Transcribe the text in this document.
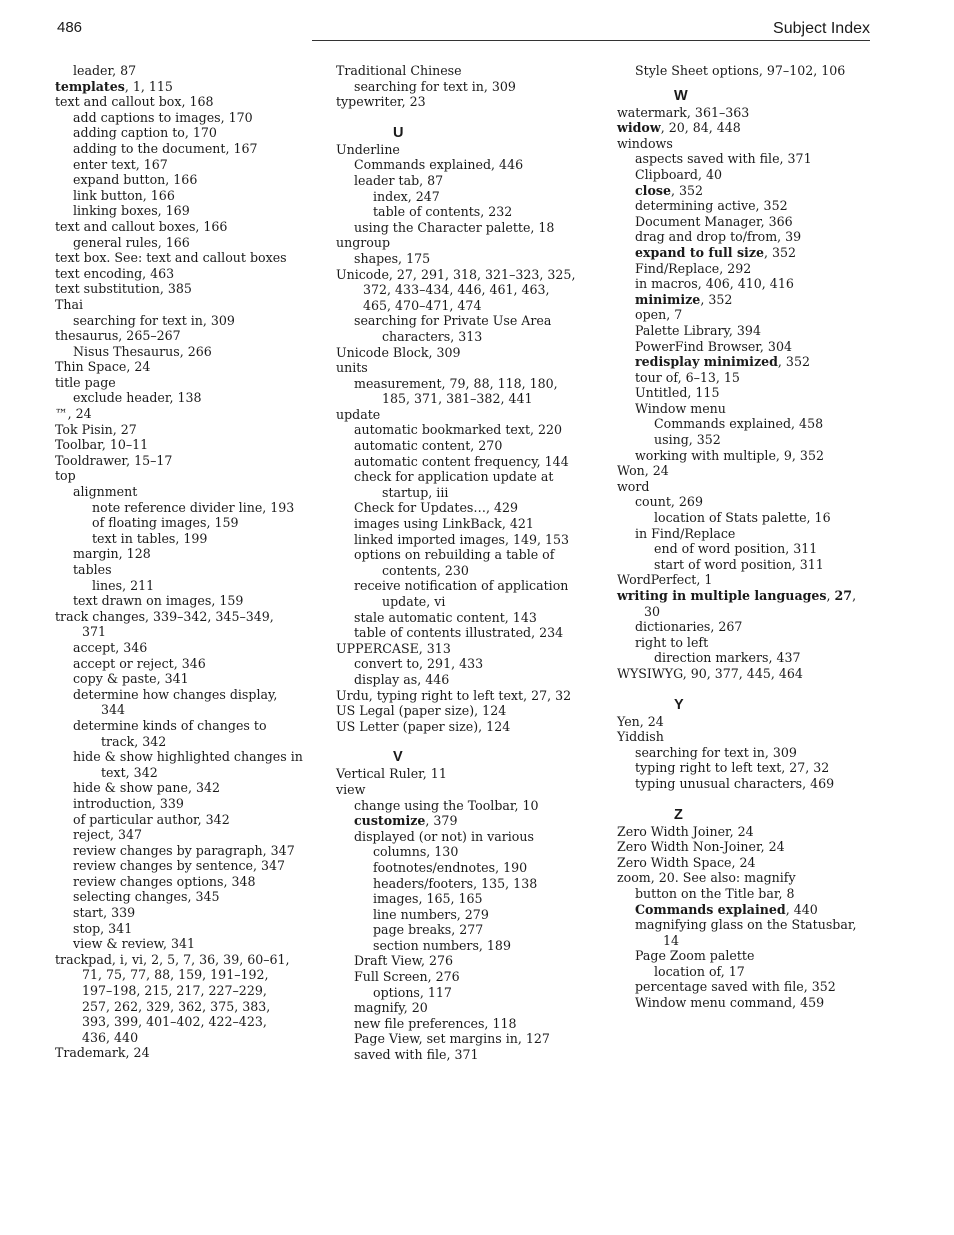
486	Subject Index
leader, 87
templates, 1, 115
text and callout box, 168
add captions to images, 170
adding caption to, 170
adding to the document, 167
enter text, 167
expand button, 166
link button, 166
linking boxes, 169
text and callout boxes, 166
general rules, 166
text box. See: text and callout boxes
text encoding, 463
text substitution, 385
Thai
searching for text in, 309
thesaurus, 265–267
Nisus Thesaurus, 266
Thin Space, 24
title page
exclude header, 138
™, 24
Tok Pisin, 27
Toolbar, 10–11
Tooldrawer, 15–17
top
alignment
note reference divider line, 193
of floating images, 159
text in tables, 199
margin, 128
tables
lines, 211
text drawn on images, 159
track changes, 339–342, 345–349,
371
accept, 346
accept or reject, 346
copy & paste, 341
determine how changes display,
344
determine kinds of changes to
track, 342
hide & show highlighted changes in
text, 342
hide & show pane, 342
introduction, 339
of particular author, 342
reject, 347
review changes by paragraph, 347
review changes by sentence, 347
review changes options, 348
selecting changes, 345
start, 339
stop, 341
view & review, 341
trackpad, i, vi, 2, 5, 7, 36, 39, 60–61,
71, 75, 77, 88, 159, 191–192,
197–198, 215, 217, 227–229,
257, 262, 329, 362, 375, 383,
393, 399, 401–402, 422–423,
436, 440
Trademark, 24
Traditional Chinese
searching for text in, 309
typewriter, 23
U
Underline
Commands explained, 446
leader tab, 87
index, 247
table of contents, 232
using the Character palette, 18
ungroup
shapes, 175
Unicode, 27, 291, 318, 321–323, 325,
372, 433–434, 446, 461, 463,
465, 470–471, 474
searching for Private Use Area
characters, 313
Unicode Block, 309
units
measurement, 79, 88, 118, 180,
185, 371, 381–382, 441
update
automatic bookmarked text, 220
automatic content, 270
automatic content frequency, 144
check for application update at
startup, iii
Check for Updates…, 429
images using LinkBack, 421
linked imported images, 149, 153
options on rebuilding a table of
contents, 230
receive notification of application
update, vi
stale automatic content, 143
table of contents illustrated, 234
UPPERCASE, 313
convert to, 291, 433
display as, 446
Urdu, typing right to left text, 27, 32
US Legal (paper size), 124
US Letter (paper size), 124
V
Vertical Ruler, 11
view
change using the Toolbar, 10
customize, 379
displayed (or not) in various
columns, 130
footnotes/endnotes, 190
headers/footers, 135, 138
images, 165, 165
line numbers, 279
page breaks, 277
section numbers, 189
Draft View, 276
Full Screen, 276
options, 117
magnify, 20
new file preferences, 118
Page View, set margins in, 127
saved with file, 371
Style Sheet options, 97–102, 106
W
watermark, 361–363
widow, 20, 84, 448
windows
aspects saved with file, 371
Clipboard, 40
close, 352
determining active, 352
Document Manager, 366
drag and drop to/from, 39
expand to full size, 352
Find/Replace, 292
in macros, 406, 410, 416
minimize, 352
open, 7
Palette Library, 394
PowerFind Browser, 304
redisplay minimized, 352
tour of, 6–13, 15
Untitled, 115
Window menu
Commands explained, 458
using, 352
working with multiple, 9, 352
Won, 24
word
count, 269
location of Stats palette, 16
in Find/Replace
end of word position, 311
start of word position, 311
WordPerfect, 1
writing in multiple languages, 27,
30
dictionaries, 267
right to left
direction markers, 437
WYSIWYG, 90, 377, 445, 464
Y
Yen, 24
Yiddish
searching for text in, 309
typing right to left text, 27, 32
typing unusual characters, 469
Z
Zero Width Joiner, 24
Zero Width Non-Joiner, 24
Zero Width Space, 24
zoom, 20. See also: magnify
button on the Title bar, 8
Commands explained, 440
magnifying glass on the Statusbar,
14
Page Zoom palette
location of, 17
percentage saved with file, 352
Window menu command, 459
